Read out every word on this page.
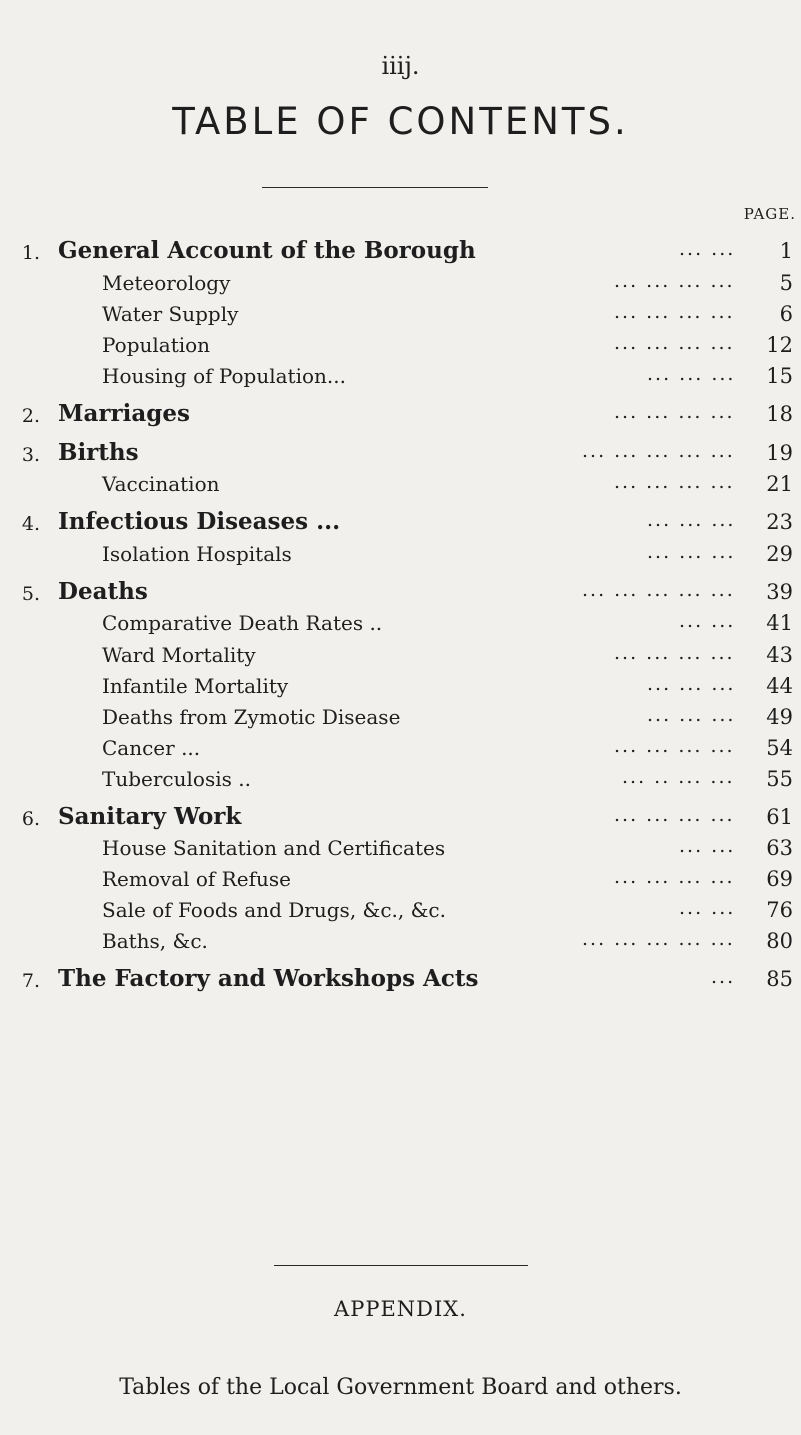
iiij.
TABLE OF CONTENTS.
PAGE.
1. General Account of the Borough	... ...	1
Meteorology	... ... ... ...	5
Water Supply	... ... ... ...	6
Population	... ... ... ...	12
Housing of Population...	... ... ...	15
2. Marriages	... ... ... ...	18
3. Births	... ... ... ... ...	19
Vaccination	... ... ... ...	21
4. Infectious Diseases ...	... ... ...	23
Isolation Hospitals	... ... ...	29
5. Deaths	... ... ... ... ...	39
Comparative Death Rates ..	... ...	41
Ward Mortality	... ... ... ...	43
Infantile Mortality	... ... ...	44
Deaths from Zymotic Disease	... ... ...	49
Cancer ...	... ... ... ...	54
Tuberculosis ..	... .. ... ...	55
6. Sanitary Work	... ... ... ...	61
House Sanitation and Certificates	... ...	63
Removal of Refuse	... ... ... ...	69
Sale of Foods and Drugs, &c., &c.	... ...	76
Baths, &c.	... ... ... ... ...	80
7. The Factory and Workshops Acts	...	85
APPENDIX.
Tables of the Local Government Board and others.
